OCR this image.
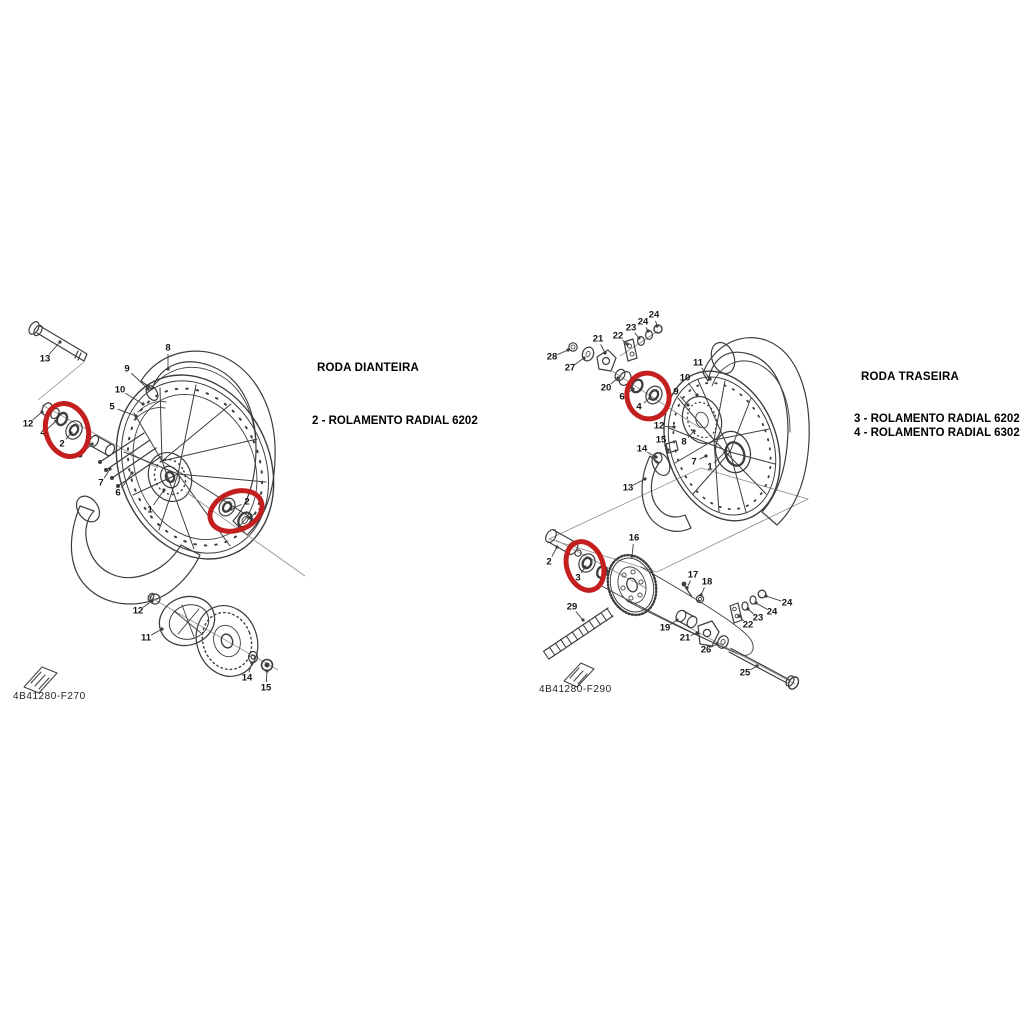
13
8
9
10
5
12
4
2
3
7
6
1
2
4
12
11
14
15
28
27
21 22
23
24
24
20
6
4
9
10
11
12
8
15
14
13
7 1
16
2
3
29
17
18
19
21
26
25
22
23
24
24
RODA DIANTEIRA
2 - ROLAMENTO RADIAL 6202
RODA TRASEIRA
3 - ROLAMENTO RADIAL 6202
4 - ROLAMENTO RADIAL 6302
4B41280-F270
4B41280-F290
